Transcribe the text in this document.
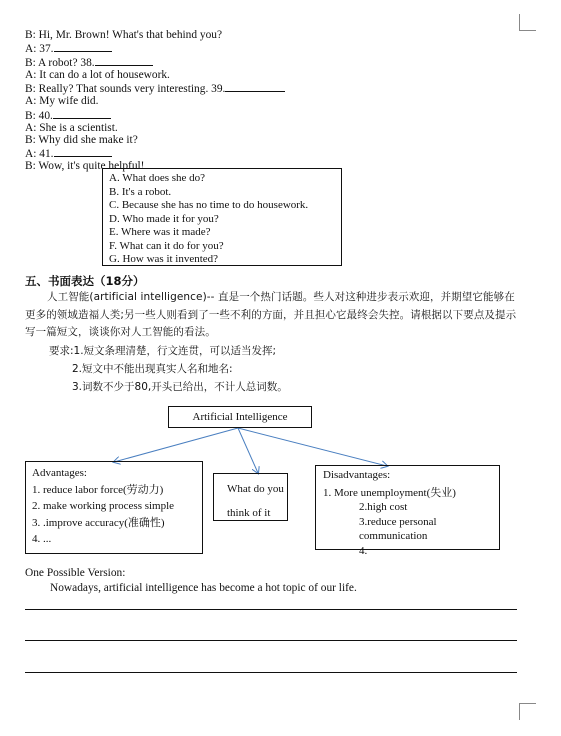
B: Hi, Mr. Brown! What's that behind you?
A: 37.
B: A robot? 38.
A: It can do a lot of housework.
B: Really? That sounds very interesting. 39.
A: My wife did.
B: 40.
A: She is a scientist.
B: Why did she make it?
A: 41.
B: Wow, it's quite helpful!
A. What does she do?
B. It's a robot.
C. Because she has no time to do housework.
D. Who made it for you?
E. Where was it made?
F. What can it do for you?
G. How was it invented?
五、书面表达（18分）
人工智能(artificial intelligence)-- 直是一个热门话题。些人对这种进步表示欢迎，并期望它能够在更多的领域造福人类;另一些人则看到了一些不利的方面，并且担心它最终会失控。请根据以下要点及提示写一篇短文，谈谈你对人工智能的看法。
要求:1.短文条理清楚，行文连贯，可以适当发挥;
2.短文中不能出现真实人名和地名:
3.词数不少于80,开头已给出，不计人总词数。
Artificial Intelligence
Advantages:
1. reduce labor force(劳动力)
2. make working process simple
3. .improve accuracy(准确性)
4. ...
What do you
think of it
Disadvantages:
1. More unemployment(失业)
2.high cost
3.reduce personal
communication
4.
One Possible Version:
Nowadays, artificial intelligence has become a hot topic of our life.
